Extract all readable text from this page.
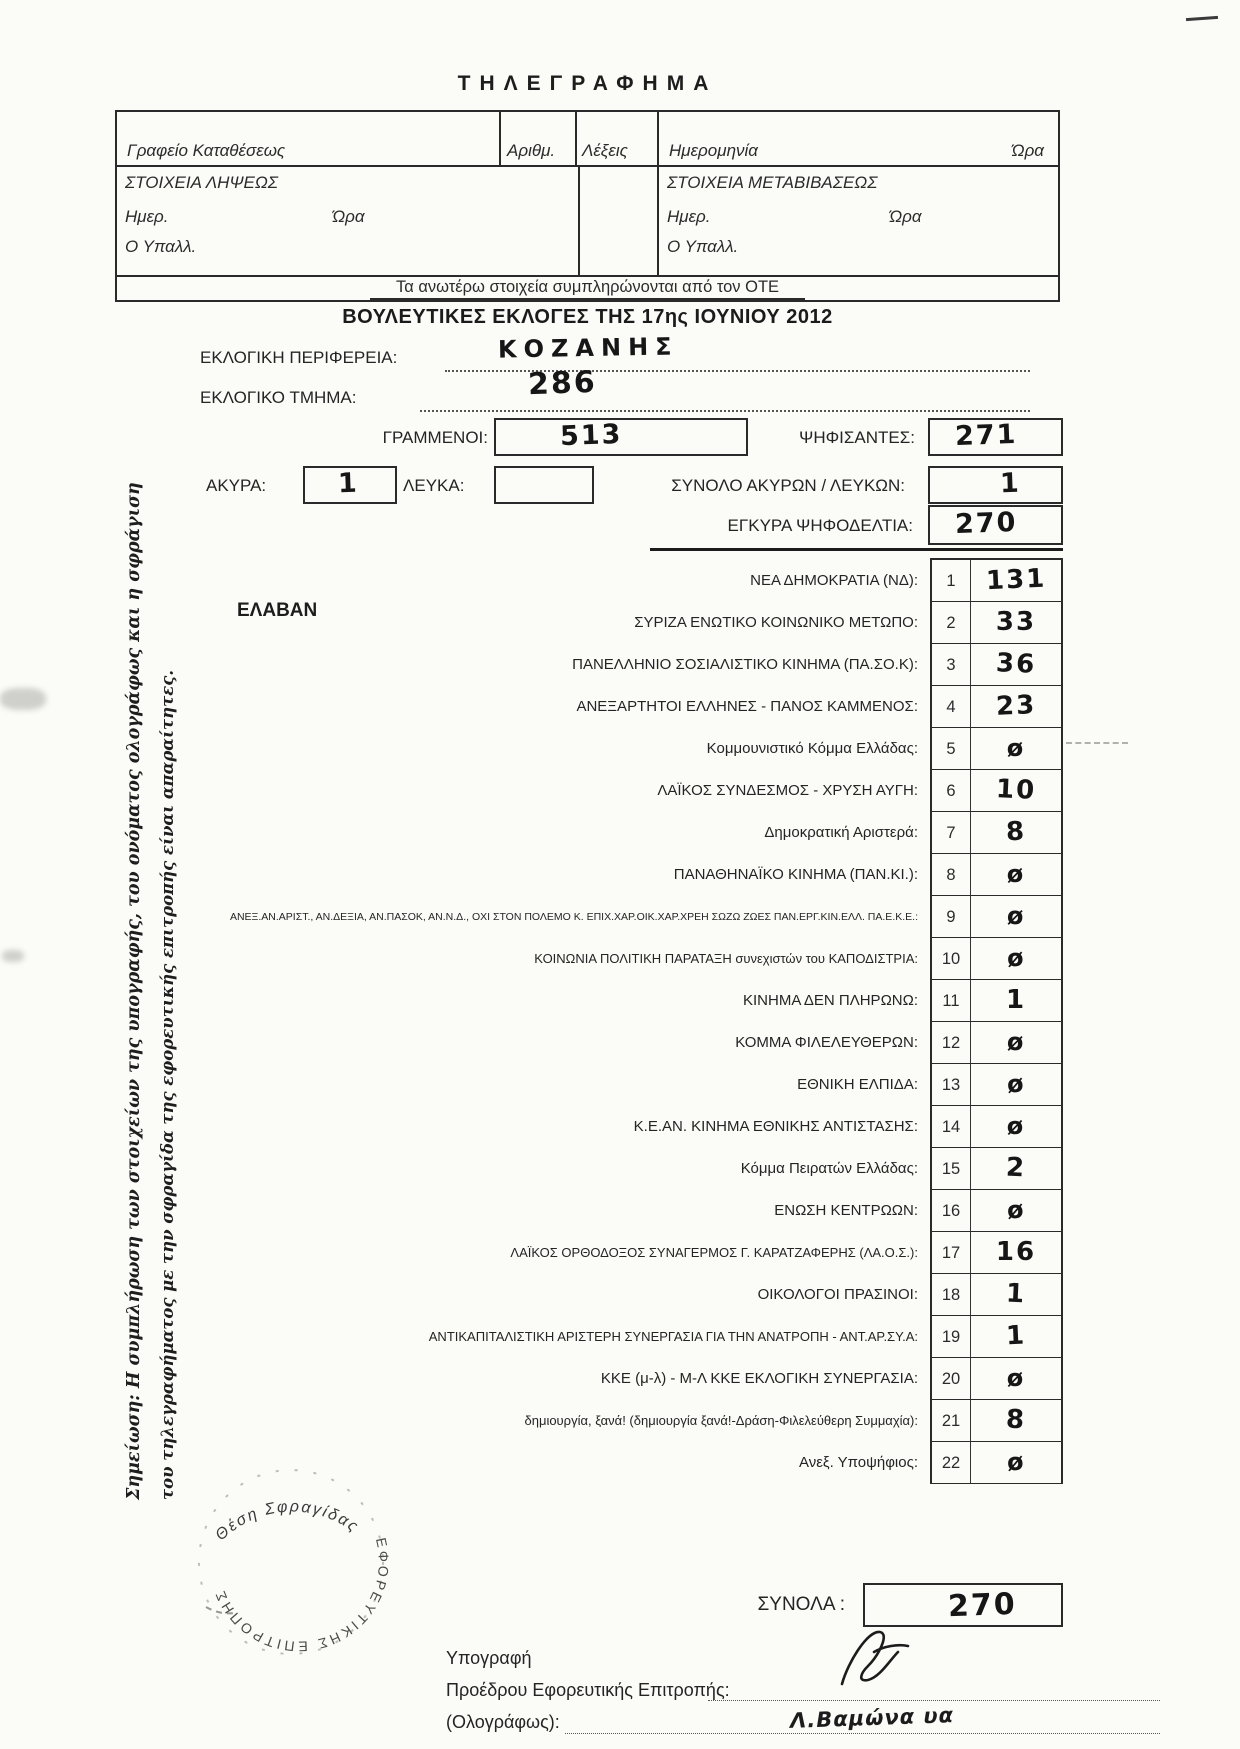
ΤΗΛΕΓΡΑΦΗΜΑ
Γραφείο Καταθέσεως	Αριθμ. Λέξεις Ημερομηνία	Ώρα
ΣΤΟΙΧΕΙΑ ΛΗΨΕΩΣ
Ημερ.	Ώρα
Ο Υπαλλ.
ΣΤΟΙΧΕΙΑ ΜΕΤΑΒΙΒΑΣΕΩΣ
Ημερ.	Ώρα
Ο Υπαλλ.
Τα ανωτέρω στοιχεία συμπληρώνονται από τον ΟΤΕ
ΒΟΥΛΕΥΤΙΚΕΣ ΕΚΛΟΓΕΣ ΤΗΣ 17ης ΙΟΥΝΙΟΥ 2012
ΕΚΛΟΓΙΚΗ ΠΕΡΙΦΕΡΕΙΑ:	ΚΟΖΑΝΗΣ
ΕΚΛΟΓΙΚΟ ΤΜΗΜΑ:	286
ΓΡΑΜΜΕΝΟΙ:	513	ΨΗΦΙΣΑΝΤΕΣ: 271
ΑΚΥΡΑ:	1	ΛΕΥΚΑ:	ΣΥΝΟΛΟ ΑΚΥΡΩΝ / ΛΕΥΚΩΝ:	1
ΕΓΚΥΡΑ ΨΗΦΟΔΕΛΤΙΑ: 270
ΕΛΑΒΑΝ
ΝΕΑ ΔΗΜΟΚΡΑΤΙΑ (ΝΔ):	1	131
ΣΥΡΙΖΑ ΕΝΩΤΙΚΟ ΚΟΙΝΩΝΙΚΟ ΜΕΤΩΠΟ:	2	33
ΠΑΝΕΛΛΗΝΙΟ ΣΟΣΙΑΛΙΣΤΙΚΟ ΚΙΝΗΜΑ (ΠΑ.ΣΟ.Κ):	3	36
ΑΝΕΞΑΡΤΗΤΟΙ ΕΛΛΗΝΕΣ - ΠΑΝΟΣ ΚΑΜΜΕΝΟΣ:	4	23
Κομμουνιστικό Κόμμα Ελλάδας:	5	ø
ΛΑΪΚΟΣ ΣΥΝΔΕΣΜΟΣ - ΧΡΥΣΗ ΑΥΓΗ:	6	10
Δημοκρατική Αριστερά:	7	8
ΠΑΝΑΘΗΝΑΪΚΟ ΚΙΝΗΜΑ (ΠΑΝ.ΚΙ.):	8	ø
ΑΝΕΞ.ΑΝ.ΑΡΙΣΤ., ΑΝ.ΔΕΞΙΑ, ΑΝ.ΠΑΣΟΚ, ΑΝ.Ν.Δ., ΟΧΙ ΣΤΟΝ ΠΟΛΕΜΟ Κ. ΕΠΙΧ.ΧΑΡ.ΟΙΚ.ΧΑΡ.ΧΡΕΗ ΣΩΖΩ ΖΩΕΣ ΠΑΝ.ΕΡΓ.ΚΙΝ.ΕΛΛ. ΠΑ.Ε.Κ.Ε.:	9	ø
ΚΟΙΝΩΝΙΑ ΠΟΛΙΤΙΚΗ ΠΑΡΑΤΑΞΗ συνεχιστών του ΚΑΠΟΔΙΣΤΡΙΑ:	10	ø
ΚΙΝΗΜΑ ΔΕΝ ΠΛΗΡΩΝΩ:	11	1
ΚΟΜΜΑ ΦΙΛΕΛΕΥΘΕΡΩΝ:	12	ø
ΕΘΝΙΚΗ ΕΛΠΙΔΑ:	13	ø
Κ.Ε.ΑΝ. ΚΙΝΗΜΑ ΕΘΝΙΚΗΣ ΑΝΤΙΣΤΑΣΗΣ:	14	ø
Κόμμα Πειρατών Ελλάδας:	15	2
ΕΝΩΣΗ ΚΕΝΤΡΩΩΝ:	16	ø
ΛΑΪΚΟΣ ΟΡΘΟΔΟΞΟΣ ΣΥΝΑΓΕΡΜΟΣ Γ. ΚΑΡΑΤΖΑΦΕΡΗΣ (ΛΑ.Ο.Σ.):	17	16
ΟΙΚΟΛΟΓΟΙ ΠΡΑΣΙΝΟΙ:	18	1
ΑΝΤΙΚΑΠΙΤΑΛΙΣΤΙΚΗ ΑΡΙΣΤΕΡΗ ΣΥΝΕΡΓΑΣΙΑ ΓΙΑ ΤΗΝ ΑΝΑΤΡΟΠΗ - ΑΝΤ.ΑΡ.ΣΥ.Α:	19	1
ΚΚΕ (μ-λ) - Μ-Λ ΚΚΕ ΕΚΛΟΓΙΚΗ ΣΥΝΕΡΓΑΣΙΑ:	20	ø
δημιουργία, ξανά! (δημιουργία ξανά!-Δράση-Φιλελεύθερη Συμμαχία):	21	8
Ανεξ. Υποψήφιος:	22	ø
ΣΥΝΟΛΑ :	270
Υπογραφή
Προέδρου Εφορευτικής Επιτροπής:
(Ολογράφως):	Λ.Βαμώνα υα
Σημείωση: Η συμπλήρωση των στοιχείων της υπογραφής, του ονόματος ολογράφως και η σφράγιση του τηλεγραφήματος με την σφραγίδα της εφορευτικής επιτροπής είναι απαραίτητες.
Θέση Σφραγίδας
ΕΦΟΡΕΥΤΙΚΗΣ ΕΠΙΤΡΟΠΗΣ
